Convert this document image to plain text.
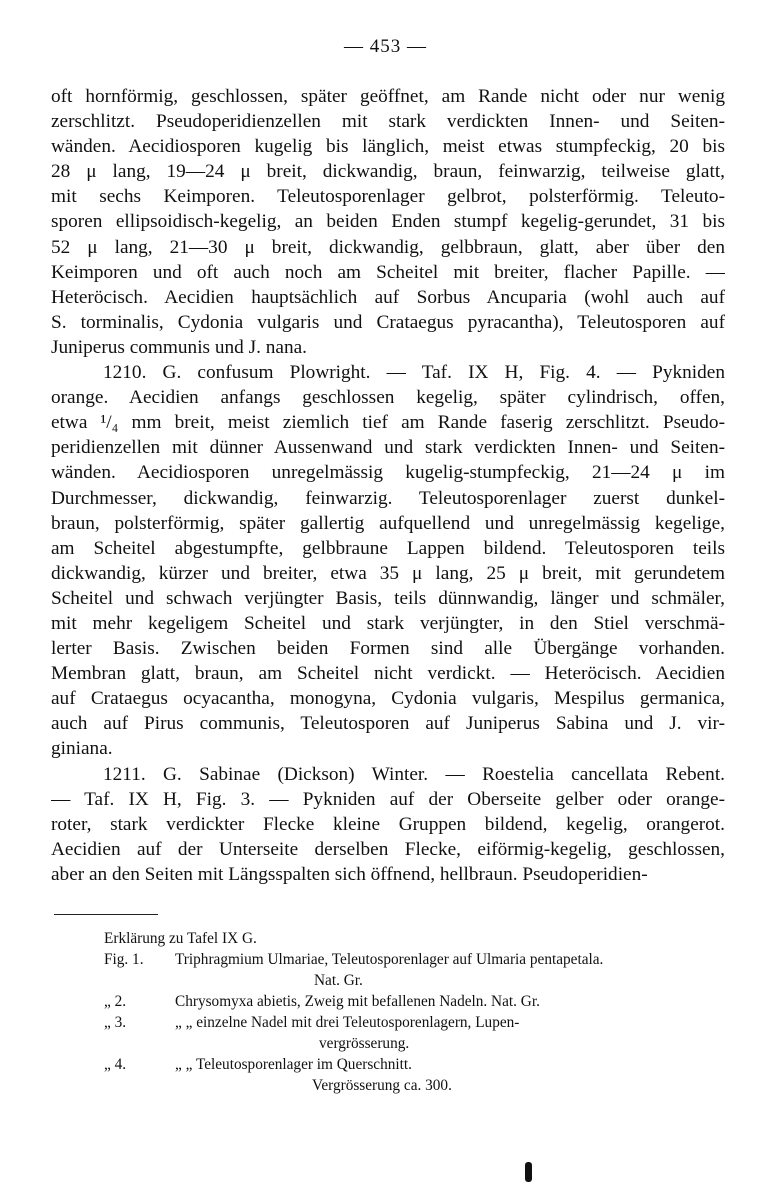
— 453 —
oft hornförmig, geschlossen, später geöffnet, am Rande nicht oder nur wenig
zerschlitzt. Pseudoperidienzellen mit stark verdickten Innen- und Seiten-
wänden. Aecidiosporen kugelig bis länglich, meist etwas stumpfeckig, 20 bis
28 μ lang, 19—24 μ breit, dickwandig, braun, feinwarzig, teilweise glatt,
mit sechs Keimporen. Teleutosporenlager gelbrot, polsterförmig. Teleuto-
sporen ellipsoidisch-kegelig, an beiden Enden stumpf kegelig-gerundet, 31 bis
52 μ lang, 21—30 μ breit, dickwandig, gelbbraun, glatt, aber über den
Keimporen und oft auch noch am Scheitel mit breiter, flacher Papille. —
Heteröcisch. Aecidien hauptsächlich auf Sorbus Ancuparia (wohl auch auf
S. torminalis, Cydonia vulgaris und Crataegus pyracantha), Teleutosporen auf
Juniperus communis und J. nana.
1210. G. confusum Plowright. — Taf. IX H, Fig. 4. — Pykniden
orange. Aecidien anfangs geschlossen kegelig, später cylindrisch, offen,
etwa ¹/₄ mm breit, meist ziemlich tief am Rande faserig zerschlitzt. Pseudo-
peridienzellen mit dünner Aussenwand und stark verdickten Innen- und Seiten-
wänden. Aecidiosporen unregelmässig kugelig-stumpfeckig, 21—24 μ im
Durchmesser, dickwandig, feinwarzig. Teleutosporenlager zuerst dunkel-
braun, polsterförmig, später gallertig aufquellend und unregelmässig kegelige,
am Scheitel abgestumpfte, gelbbraune Lappen bildend. Teleutosporen teils
dickwandig, kürzer und breiter, etwa 35 μ lang, 25 μ breit, mit gerundetem
Scheitel und schwach verjüngter Basis, teils dünnwandig, länger und schmäler,
mit mehr kegeligem Scheitel und stark verjüngter, in den Stiel verschmä-
lerter Basis. Zwischen beiden Formen sind alle Übergänge vorhanden.
Membran glatt, braun, am Scheitel nicht verdickt. — Heteröcisch. Aecidien
auf Crataegus ocyacantha, monogyna, Cydonia vulgaris, Mespilus germanica,
auch auf Pirus communis, Teleutosporen auf Juniperus Sabina und J. vir-
giniana.
1211. G. Sabinae (Dickson) Winter. — Roestelia cancellata Rebent.
— Taf. IX H, Fig. 3. — Pykniden auf der Oberseite gelber oder orange-
roter, stark verdickter Flecke kleine Gruppen bildend, kegelig, orangerot.
Aecidien auf der Unterseite derselben Flecke, eiförmig-kegelig, geschlossen,
aber an den Seiten mit Längsspalten sich öffnend, hellbraun. Pseudoperidien-
Erklärung zu Tafel IX G.
Fig. 1. Triphragmium Ulmariae, Teleutosporenlager auf Ulmaria pentapetala.
Nat. Gr.
„ 2.	Chrysomyxa abietis, Zweig mit befallenen Nadeln. Nat. Gr.
„ 3.	„ „ einzelne Nadel mit drei Teleutosporenlagern, Lupen-
vergrösserung.
„ 4.	„ „ Teleutosporenlager im Querschnitt.
Vergrösserung ca. 300.
